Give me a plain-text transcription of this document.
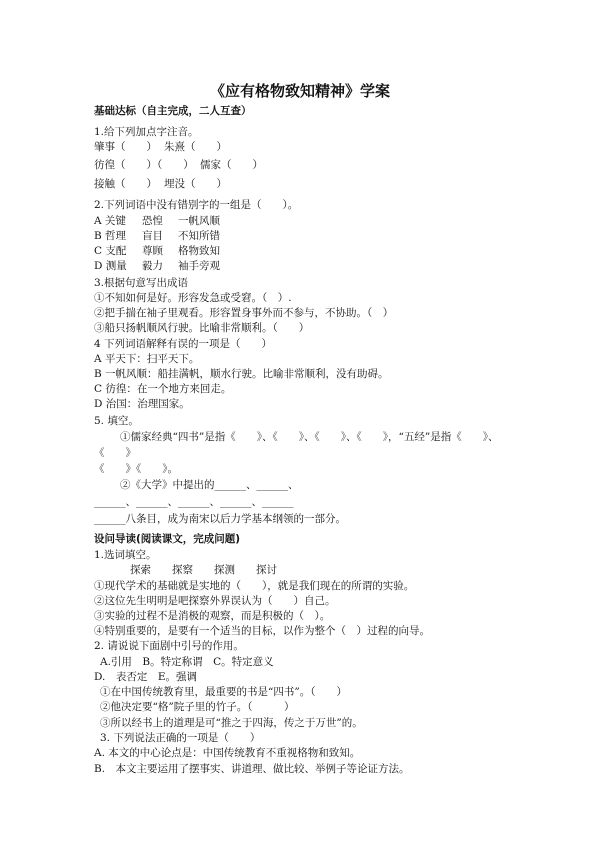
《应有格物致知精神》学案
基础达标（自主完成，二人互查）
1.给下列加点字注音。
肇事（　　） 朱熹（　　）
彷徨（　　）（　　） 儒家（　　）
接触（　　） 埋没（　　）
2.下列词语中没有错别字的一组是（　　）。
A 关键 恐惶 一帆风顺
B 哲理 盲目 不知所错
C 支配 尊顾 格物致知
D 测量 毅力 袖手旁观
3.根据句意写出成语
①不知如何是好。形容发急或受窘。（　）.
②把手揣在袖子里观看。形容置身事外而不参与，不协助。（　）
③船只扬帆顺风行驶。比喻非常顺利。（　　）
4 下列词语解释有误的一项是（　　）
A 平天下：扫平天下。
B 一帆风顺：船挂满帆，顺水行驶。比喻非常顺利，没有助碍。
C 彷徨：在一个地方来回走。
D 治国：治理国家。
5. 填空。
①儒家经典“四书”是指《　　》、《　　》、《　　》、《　　》，“五经”是指《　　》、
《　　》
《　　》《　　》。
②《大学》中提出的______、______、
______、______、______、______、______
______八条目，成为南宋以后力学基本纲领的一部分。
设问导读(阅读课文，完成问题)
1.选词填空。
探索 探察 探测 探讨
①现代学术的基础就是实地的（　　），就是我们现在的所谓的实验。
②这位先生明明是吧探察外界误认为（　　）自己。
③实验的过程不是消极的观察，而是积极的（　）。
④特别重要的，是要有一个适当的目标，以作为整个（　）过程的向导。
2. 请说说下面剧中引号的作用。
A.引用　B。特定称谓　C。特定意义
D.　表否定　E。强调
①在中国传统教育里，最重要的书是“四书”。（　　）
②他决定要“格”院子里的竹子。（　　　）
③所以经书上的道理是可“推之于四海，传之于万世”的。
3. 下列说法正确的一项是（　　）
A. 本文的中心论点是：中国传统教育不重视格物和致知。
B.　本文主要运用了摆事实、讲道理、做比较、举例子等论证方法。
